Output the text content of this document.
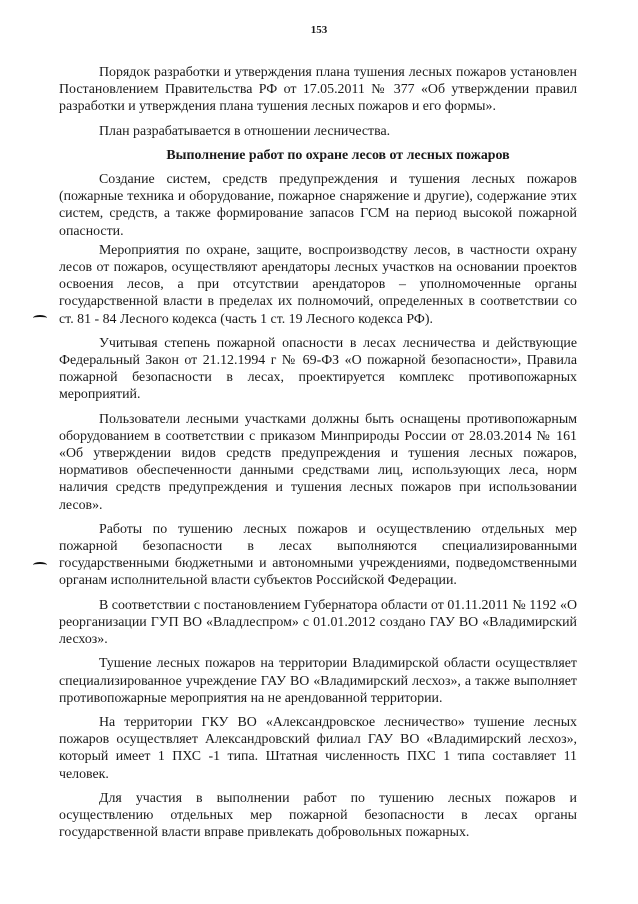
153

Порядок разработки и утверждения плана тушения лесных пожаров установлен Постановлением Правительства РФ от 17.05.2011 № 377 «Об утверждении правил разработки и утверждения плана тушения лесных пожаров и его формы».

План разрабатывается в отношении лесничества.

Выполнение работ по охране лесов от лесных пожаров

Создание систем, средств предупреждения и тушения лесных пожаров (пожарные техника и оборудование, пожарное снаряжение и другие), содержание этих систем, средств, а также формирование запасов ГСМ на период высокой пожарной опасности.

Мероприятия по охране, защите, воспроизводству лесов, в частности охрану лесов от пожаров, осуществляют арендаторы лесных участков на основании проектов освоения лесов, а при отсутствии арендаторов – уполномоченные органы государственной власти в пределах их полномочий, определенных в соответствии со ст. 81 - 84 Лесного кодекса (часть 1 ст. 19 Лесного кодекса РФ).

Учитывая степень пожарной опасности в лесах лесничества и действующие Федеральный Закон от 21.12.1994 г № 69-ФЗ «О пожарной безопасности», Правила пожарной безопасности в лесах, проектируется комплекс противопожарных мероприятий.

Пользователи лесными участками должны быть оснащены противопожарным оборудованием в соответствии с приказом Минприроды России от 28.03.2014 № 161 «Об утверждении видов средств предупреждения и тушения лесных пожаров, нормативов обеспеченности данными средствами лиц, использующих леса, норм наличия средств предупреждения и тушения лесных пожаров при использовании лесов».

Работы по тушению лесных пожаров и осуществлению отдельных мер пожарной безопасности в лесах выполняются специализированными государственными бюджетными и автономными учреждениями, подведомственными органам исполнительной власти субъектов Российской Федерации.

В соответствии с постановлением Губернатора области от 01.11.2011 № 1192 «О реорганизации ГУП ВО «Владлеспром» с 01.01.2012 создано ГАУ ВО «Владимирский лесхоз».

Тушение лесных пожаров на территории Владимирской области осуществляет специализированное учреждение ГАУ ВО «Владимирский лесхоз», а также выполняет противопожарные мероприятия на не арендованной территории.

На территории ГКУ ВО «Александровское лесничество» тушение лесных пожаров осуществляет Александровский филиал ГАУ ВО «Владимирский лесхоз», который имеет 1 ПХС -1 типа. Штатная численность ПХС 1 типа составляет 11 человек.

Для участия в выполнении работ по тушению лесных пожаров и осуществлению отдельных мер пожарной безопасности в лесах органы государственной власти вправе привлекать добровольных пожарных.
